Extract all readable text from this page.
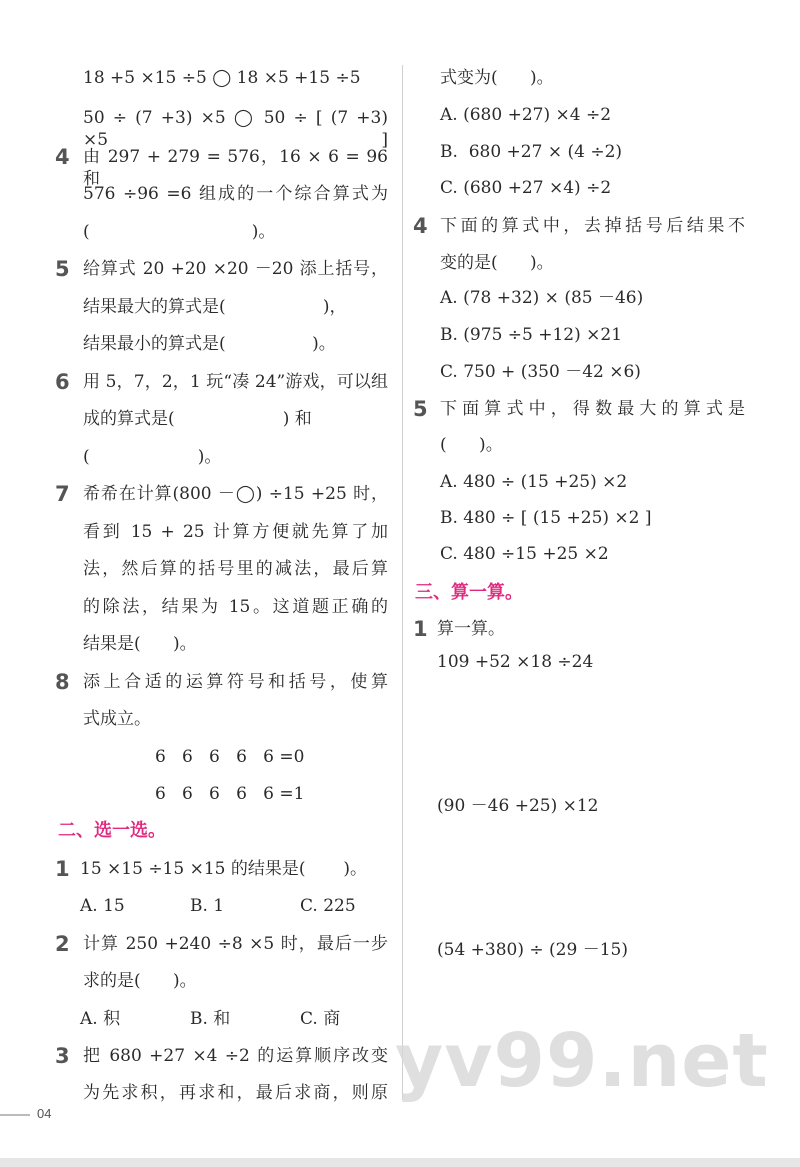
18 +5 ×15 ÷5 ◯ 18 ×5 +15 ÷5
50 ÷ (7 +3) ×5 ◯ 50 ÷ [ (7 +3) ×5 ]
4 由 297 + 279 = 576，16 × 6 = 96 和
576 ÷96 =6 组成的一个综合算式为
(                              )。
5 给算式 20 +20 ×20 －20 添上括号，
结果最大的算式是(                  )，
结果最小的算式是(                )。
6 用 5，7，2，1 玩“凑 24”游戏，可以组
成的算式是(                    ) 和
(                    )。
7 希希在计算(800 －◯) ÷15 +25 时，
看到 15 + 25 计算方便就先算了加
法，然后算的括号里的减法，最后算
的除法，结果为 15。这道题正确的
结果是(      )。
8 添上合适的运算符号和括号，使算
式成立。
6   6   6   6   6 =0
6   6   6   6   6 =1
二、选一选。
1 15 ×15 ÷15 ×15 的结果是(       )。
A. 15	B. 1	C. 225
2 计算 250 +240 ÷8 ×5 时，最后一步
求的是(      )。
A. 积	B. 和	C. 商
3 把 680 +27 ×4 ÷2 的运算顺序改变
为先求积，再求和，最后求商，则原
式变为(      )。
A. (680 +27) ×4 ÷2
B.  680 +27 × (4 ÷2)
C. (680 +27 ×4) ÷2
4 下面的算式中，去掉括号后结果不
变的是(      )。
A. (78 +32) × (85 －46)
B. (975 ÷5 +12) ×21
C. 750 + (350 －42 ×6)
5 下面算式中，得数最大的算式是
(      )。
A. 480 ÷ (15 +25) ×2
B. 480 ÷ [ (15 +25) ×2 ]
C. 480 ÷15 +25 ×2
三、算一算。
1 算一算。
109 +52 ×18 ÷24
(90 －46 +25) ×12
(54 +380) ÷ (29 －15)
yv99.net
04
